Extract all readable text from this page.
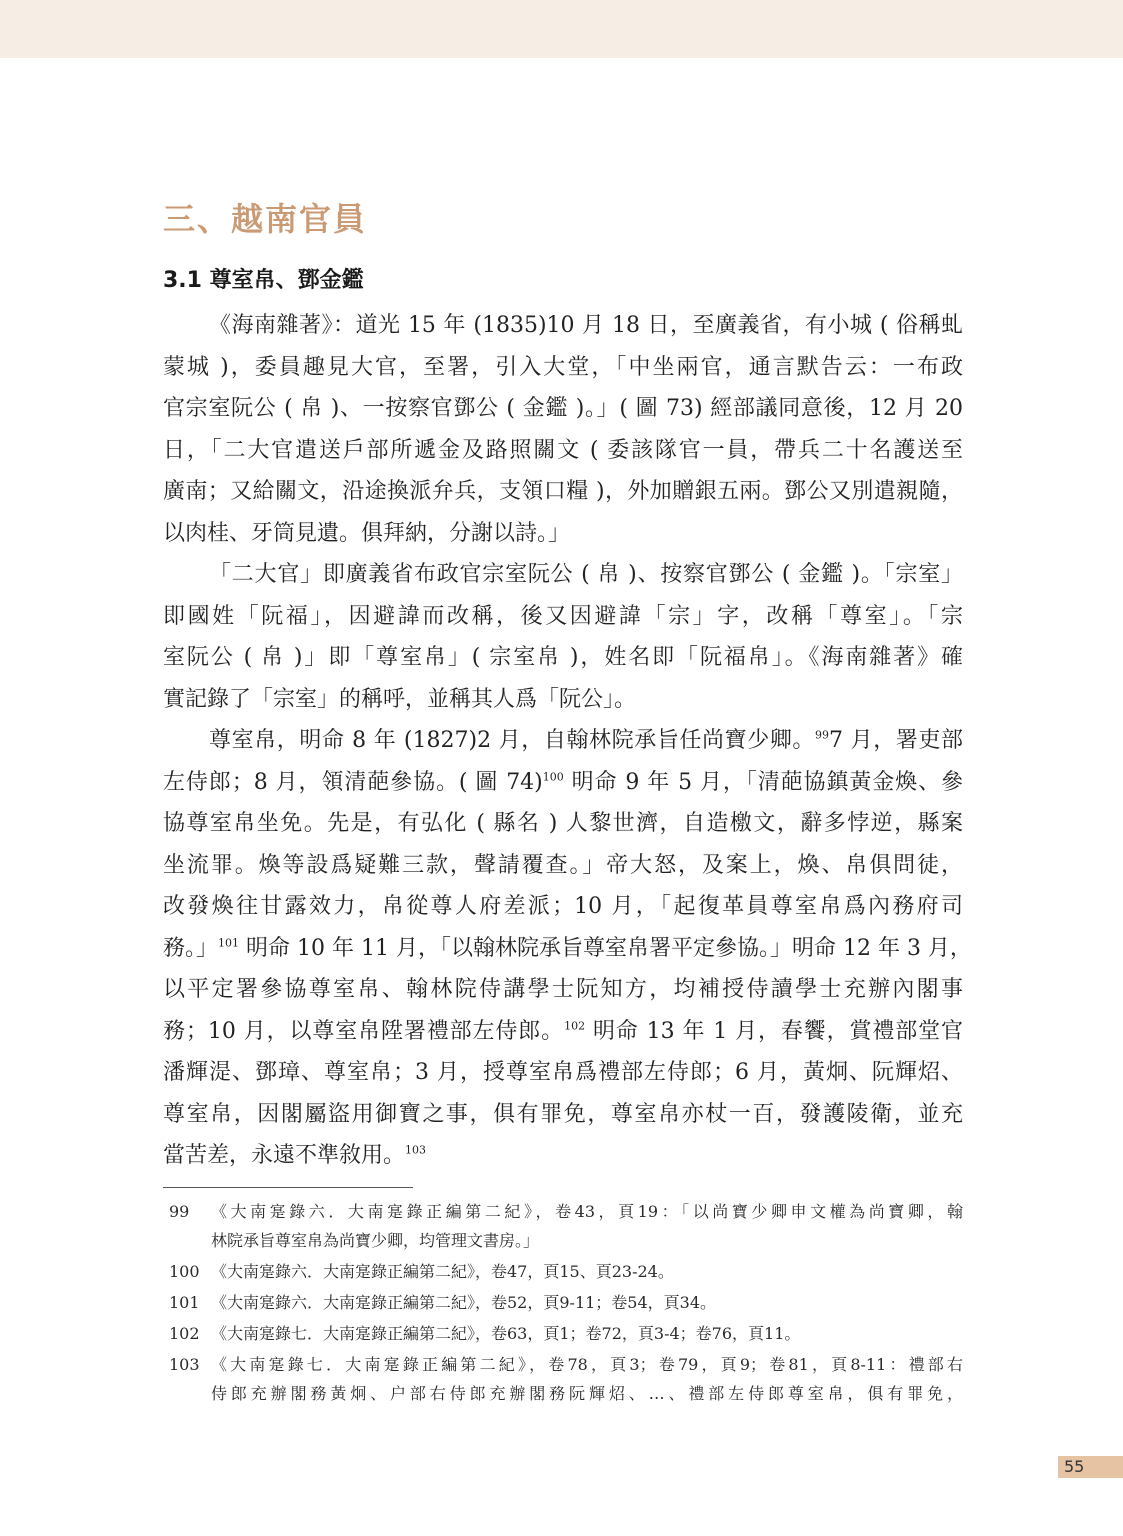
三、越南官員
3.1 尊室帛、鄧金鑑

《海南雜著》：道光 15 年 (1835)10 月 18 日，至廣義省，有小城 ( 俗稱虬
蒙城 )，委員趣見大官，至署，引入大堂，「中坐兩官，通言默告云：一布政
官宗室阮公 ( 帛 )、一按察官鄧公 ( 金鑑 )。」( 圖 73) 經部議同意後，12 月 20
日，「二大官遣送戶部所遞金及路照關文 ( 委該隊官一員，帶兵二十名護送至
廣南；又給關文，沿途換派弁兵，支領口糧 )，外加贈銀五兩。鄧公又別遣親隨，
以肉桂、牙筒見遺。俱拜納，分謝以詩。」

「二大官」即廣義省布政官宗室阮公 ( 帛 )、按察官鄧公 ( 金鑑 )。「宗室」
即國姓「阮福」，因避諱而改稱，後又因避諱「宗」字，改稱「尊室」。「宗
室阮公 ( 帛 )」即「尊室帛」( 宗室帛 )，姓名即「阮福帛」。《海南雜著》確
實記錄了「宗室」的稱呼，並稱其人爲「阮公」。

尊室帛，明命 8 年 (1827)2 月，自翰林院承旨任尚寶少卿。$^{99}$7 月，署吏部
左侍郎；8 月，領清葩參協。( 圖 74)$^{100}$ 明命 9 年 5 月，「清葩協鎮黃金煥、參
協尊室帛坐免。先是，有弘化 ( 縣名 ) 人黎世濟，自造檄文，辭多悖逆，縣案
坐流罪。煥等設爲疑難三款，聲請覆查。」帝大怒，及案上，煥、帛俱問徒，
改發煥往甘露效力，帛從尊人府差派；10 月，「起復革員尊室帛爲內務府司
務。」$^{101}$ 明命 10 年 11 月，「以翰林院承旨尊室帛署平定參協。」明命 12 年 3 月，
以平定署參協尊室帛、翰林院侍講學士阮知方，均補授侍讀學士充辦內閣事
務；10 月，以尊室帛陞署禮部左侍郎。$^{102}$ 明命 13 年 1 月，春饗，賞禮部堂官
潘輝湜、鄧璋、尊室帛；3 月，授尊室帛爲禮部左侍郎；6 月，黃炯、阮輝炤、
尊室帛，因閣屬盜用御寶之事，俱有罪免，尊室帛亦杖一百，發護陵衛，並充
當苦差，永遠不準敘用。$^{103}$

99 《大南寔錄六．大南寔錄正編第二紀》，卷43，頁19：「以尚寶少卿申文權為尚寶卿，翰
林院承旨尊室帛為尚寶少卿，均管理文書房。」
100 《大南寔錄六．大南寔錄正編第二紀》，卷47，頁15、頁23-24。
101 《大南寔錄六．大南寔錄正編第二紀》，卷52，頁9-11；卷54，頁34。
102 《大南寔錄七．大南寔錄正編第二紀》，卷63，頁1；卷72，頁3-4；卷76，頁11。
103 《大南寔錄七．大南寔錄正編第二紀》，卷78，頁3；卷79，頁9；卷81，頁8-11：禮部右
侍郎充辦閣務黃炯、户部右侍郎充辦閣務阮輝炤、…、禮部左侍郎尊室帛，俱有罪免，
55
